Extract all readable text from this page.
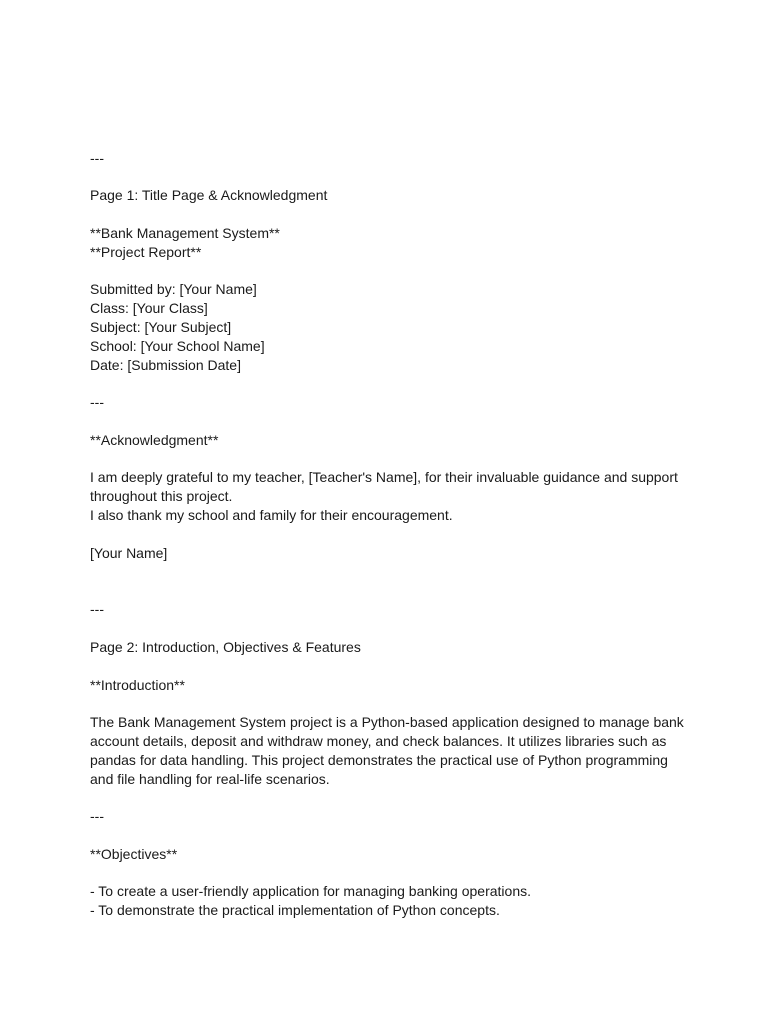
---
Page 1: Title Page & Acknowledgment
**Bank Management System**
**Project Report**
Submitted by: [Your Name]
Class: [Your Class]
Subject: [Your Subject]
School: [Your School Name]
Date: [Submission Date]
---
**Acknowledgment**
I am deeply grateful to my teacher, [Teacher's Name], for their invaluable guidance and support
throughout this project.
I also thank my school and family for their encouragement.
[Your Name]
---
Page 2: Introduction, Objectives & Features
**Introduction**
The Bank Management System project is a Python-based application designed to manage bank
account details, deposit and withdraw money, and check balances. It utilizes libraries such as
pandas for data handling. This project demonstrates the practical use of Python programming
and file handling for real-life scenarios.
---
**Objectives**
- To create a user-friendly application for managing banking operations.
- To demonstrate the practical implementation of Python concepts.
